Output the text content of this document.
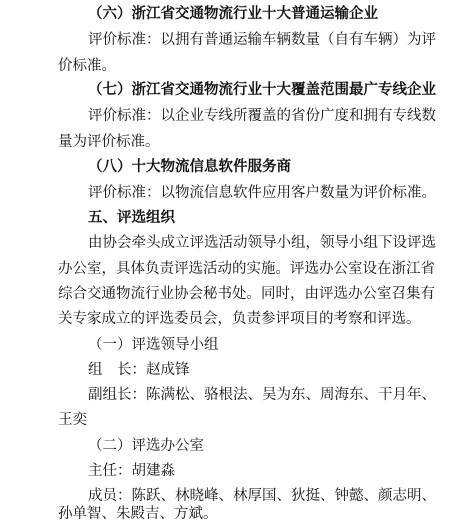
（六）浙江省交通物流行业十大普通运输企业
评价标准：以拥有普通运输车辆数量（自有车辆）为评
价标准。
（七）浙江省交通物流行业十大覆盖范围最广专线企业
评价标准：以企业专线所覆盖的省份广度和拥有专线数
量为评价标准。
（八）十大物流信息软件服务商
评价标准：以物流信息软件应用客户数量为评价标准。
五、评选组织
由协会牵头成立评选活动领导小组，领导小组下设评选
办公室，具体负责评选活动的实施。评选办公室设在浙江省
综合交通物流行业协会秘书处。同时，由评选办公室召集有
关专家成立的评选委员会，负责参评项目的考察和评选。
（一）评选领导小组
组　长：赵成锋
副组长：陈满松、骆根法、吴为东、周海东、干月年、
王奕
（二）评选办公室
主任：胡建淼
成员：陈跃、林晓峰、林厚国、狄挺、钟懿、颜志明、
孙单智、朱殿吉、方斌。
